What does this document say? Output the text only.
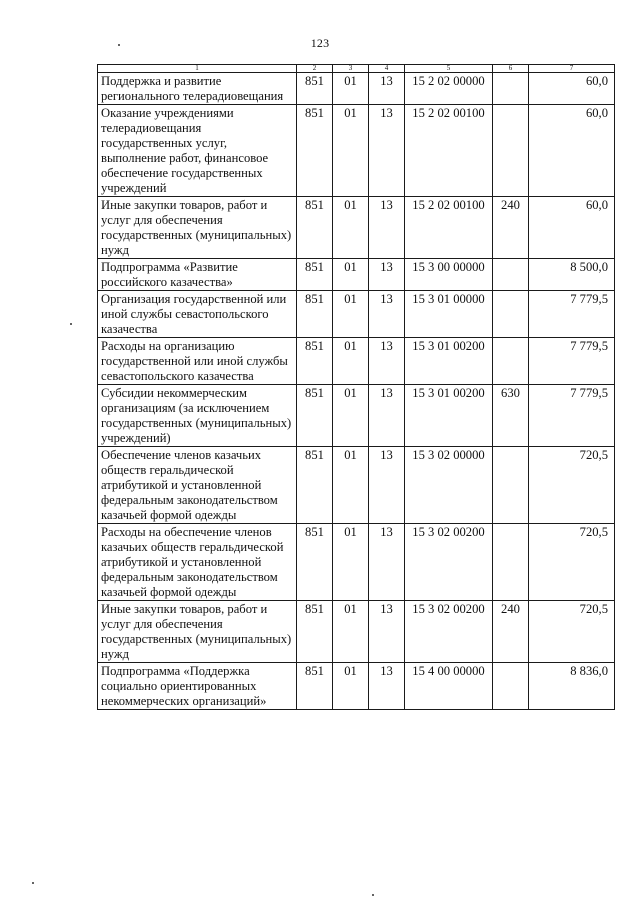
123
1	2	3	4	5	6	7
Поддержка и развитие регионального телерадиовещания	851	01	13	15 2 02 00000		60,0
Оказание учреждениями телерадиовещания государственных услуг, выполнение работ, финансовое обеспечение государственных учреждений	851	01	13	15 2 02 00100		60,0
Иные закупки товаров, работ и услуг для обеспечения государственных (муниципальных) нужд	851	01	13	15 2 02 00100	240	60,0
Подпрограмма «Развитие российского казачества»	851	01	13	15 3 00 00000		8 500,0
Организация государственной или иной службы севастопольского казачества	851	01	13	15 3 01 00000		7 779,5
Расходы на организацию государственной или иной службы севастопольского казачества	851	01	13	15 3 01 00200		7 779,5
Субсидии некоммерческим организациям (за исключением государственных (муниципальных) учреждений)	851	01	13	15 3 01 00200	630	7 779,5
Обеспечение членов казачьих обществ геральдической атрибутикой и установленной федеральным законодательством казачьей формой одежды	851	01	13	15 3 02 00000		720,5
Расходы на обеспечение членов казачьих обществ геральдической атрибутикой и установленной федеральным законодательством казачьей формой одежды	851	01	13	15 3 02 00200		720,5
Иные закупки товаров, работ и услуг для обеспечения государственных (муниципальных) нужд	851	01	13	15 3 02 00200	240	720,5
Подпрограмма «Поддержка социально ориентированных некоммерческих организаций»	851	01	13	15 4 00 00000		8 836,0
